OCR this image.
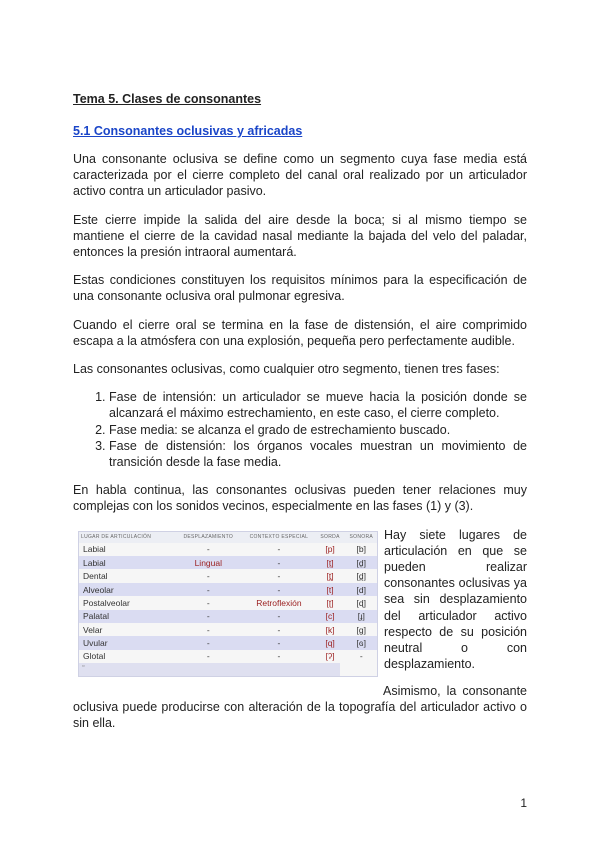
Tema 5. Clases de consonantes
5.1 Consonantes oclusivas y africadas

Una consonante oclusiva se define como un segmento cuya fase media está caracterizada por el cierre completo del canal oral realizado por un articulador activo contra un articulador pasivo.

Este cierre impide la salida del aire desde la boca; si al mismo tiempo se mantiene el cierre de la cavidad nasal mediante la bajada del velo del paladar, entonces la presión intraoral aumentará.

Estas condiciones constituyen los requisitos mínimos para la especificación de una consonante oclusiva oral pulmonar egresiva.

Cuando el cierre oral se termina en la fase de distensión, el aire comprimido escapa a la atmósfera con una explosión, pequeña pero perfectamente audible.

Las consonantes oclusivas, como cualquier otro segmento, tienen tres fases:

1. Fase de intensión: un articulador se mueve hacia la posición donde se alcanzará el máximo estrechamiento, en este caso, el cierre completo.
2. Fase media: se alcanza el grado de estrechamiento buscado.
3. Fase de distensión: los órganos vocales muestran un movimiento de transición desde la fase media.

En habla continua, las consonantes oclusivas pueden tener relaciones muy complejas con los sonidos vecinos, especialmente en las fases (1) y (3).

LUGAR DE ARTICULACIÓN	DESPLAZAMIENTO	CONTEXTO ESPECIAL	SORDA	SONORA
Labial	-	-	[p]	[b]
Labial	Lingual	-	[t̼]	[d̼]
Dental	-	-	[t̪]	[d̪]
Alveolar	-	-	[t]	[d]
Postalveolar	-	Retroflexión	[ʈ]	[ɖ]
Palatal	-	-	[c]	[ɟ]
Velar	-	-	[k]	[ɡ]
Uvular	-	-	[q]	[ɢ]
Glotal	-	-	[ʔ]	-
▫
Hay siete lugares de articulación en que se pueden realizar consonantes oclusivas ya sea sin desplazamiento del articulador activo respecto de su posición neutral o con desplazamiento.

Asimismo, la consonante oclusiva puede producirse con alteración de la topografía del articulador activo o sin ella.

1
